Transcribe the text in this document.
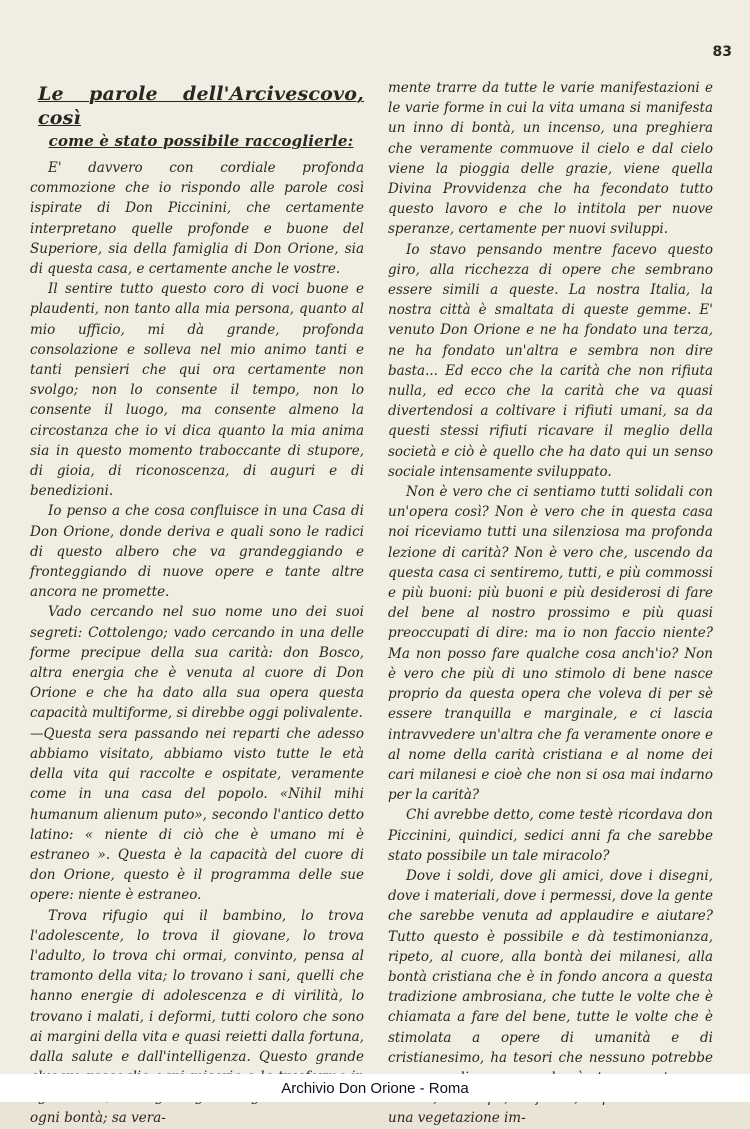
83
Le parole dell'Arcivescovo, così
come è stato possibile raccoglierle:

E' davvero con cordiale profonda commozione che io rispondo alle parole così ispirate di Don Piccinini, che certamente interpretano quelle profonde e buone del Superiore, sia della famiglia di Don Orione, sia di questa casa, e certamente anche le vostre.

Il sentire tutto questo coro di voci buone e plaudenti, non tanto alla mia persona, quanto al mio ufficio, mi dà grande, profonda consolazione e solleva nel mio animo tanti e tanti pensieri che qui ora certamente non svolgo; non lo consente il tempo, non lo consente il luogo, ma consente almeno la circostanza che io vi dica quanto la mia anima sia in questo momento traboccante di stupore, di gioia, di riconoscenza, di auguri e di benedizioni.

Io penso a che cosa confluisce in una Casa di Don Orione, donde deriva e quali sono le radici di questo albero che va grandeggiando e fronteggiando di nuove opere e tante altre ancora ne promette.

Vado cercando nel suo nome uno dei suoi segreti: Cottolengo; vado cercando in una delle forme precipue della sua carità: don Bosco, altra energia che è venuta al cuore di Don Orione e che ha dato alla sua opera questa capacità multiforme, si direbbe oggi polivalente.

—Questa sera passando nei reparti che adesso abbiamo visitato, abbiamo visto tutte le età della vita qui raccolte e ospitate, veramente come in una casa del popolo. «Nihil mihi humanum alienum puto», secondo l'antico detto latino: « niente di ciò che è umano mi è estraneo ». Questa è la capacità del cuore di don Orione, questo è il programma delle sue opere: niente è estraneo.

Trova rifugio qui il bambino, lo trova l'adolescente, lo trova il giovane, lo trova l'adulto, lo trova chi ormai, convinto, pensa al tramonto della vita; lo trovano i sani, quelli che hanno energie di adolescenza e di virilità, lo trovano i malati, i deformi, tutti coloro che sono ai margini della vita e quasi reietti dalla fortuna, dalla salute e dall'intelligenza. Questo grande ogni bontà; sa vera-

mente trarre da tutte le varie manifestazioni e le varie forme in cui la vita umana si manifesta un inno di bontà, un incenso, una preghiera che veramente commuove il cielo e dal cielo viene la pioggia delle grazie, viene quella Divina Provvidenza che ha fecondato tutto questo lavoro e che lo intitola per nuove speranze, certamente per nuovi sviluppi.

Io stavo pensando mentre facevo questo giro, alla ricchezza di opere che sembrano essere simili a queste. La nostra Italia, la nostra città è smaltata di queste gemme. E' venuto Don Orione e ne ha fondato una terza, ne ha fondato un'altra e sembra non dire basta... Ed ecco che la carità che non rifiuta nulla, ed ecco che la carità che va quasi divertendosi a coltivare i rifiuti umani, sa da questi stessi rifiuti ricavare il meglio della società e ciò è quello che ha dato qui un senso sociale intensamente sviluppato.

Non è vero che ci sentiamo tutti solidali con un'opera così? Non è vero che in questa casa noi riceviamo tutti una silenziosa ma profonda lezione di carità? Non è vero che, uscendo da questa casa ci sentiremo, tutti, e più commossi e più buoni: più buoni e più desiderosi di fare del bene al nostro prossimo e più quasi preoccupati di dire: ma io non faccio niente? Ma non posso fare qualche cosa anch'io? Non è vero che più di uno stimolo di bene nasce proprio da questa opera che voleva di per sè essere tranquilla e marginale, e ci lascia intravvedere un'altra che fa veramente onore e al nome della carità cristiana e al nome dei cari milanesi e cioè che non si osa mai indarno per la carità?

Chi avrebbe detto, come testè ricordava don Piccinini, quindici, sedici anni fa che sarebbe stato possibile un tale miracolo?

Dove i soldi, dove gli amici, dove i disegni, dove i materiali, dove i permessi, dove la gente che sarebbe venuta ad applaudire e aiutare? Tutto questo è possibile e dà testimonianza, ripeto, al cuore, alla bontà dei milanesi, alla bontà cristiana che è in fondo ancora a questa tradizione ambrosiana, che tutte le volte che è chiamata a fare del bene, tutte le volte che è stimolata a opere di umanità e di cristianesimo, ha tesori che nessuno potrebbe una vegetazione im-

Archivio Don Orione - Roma
